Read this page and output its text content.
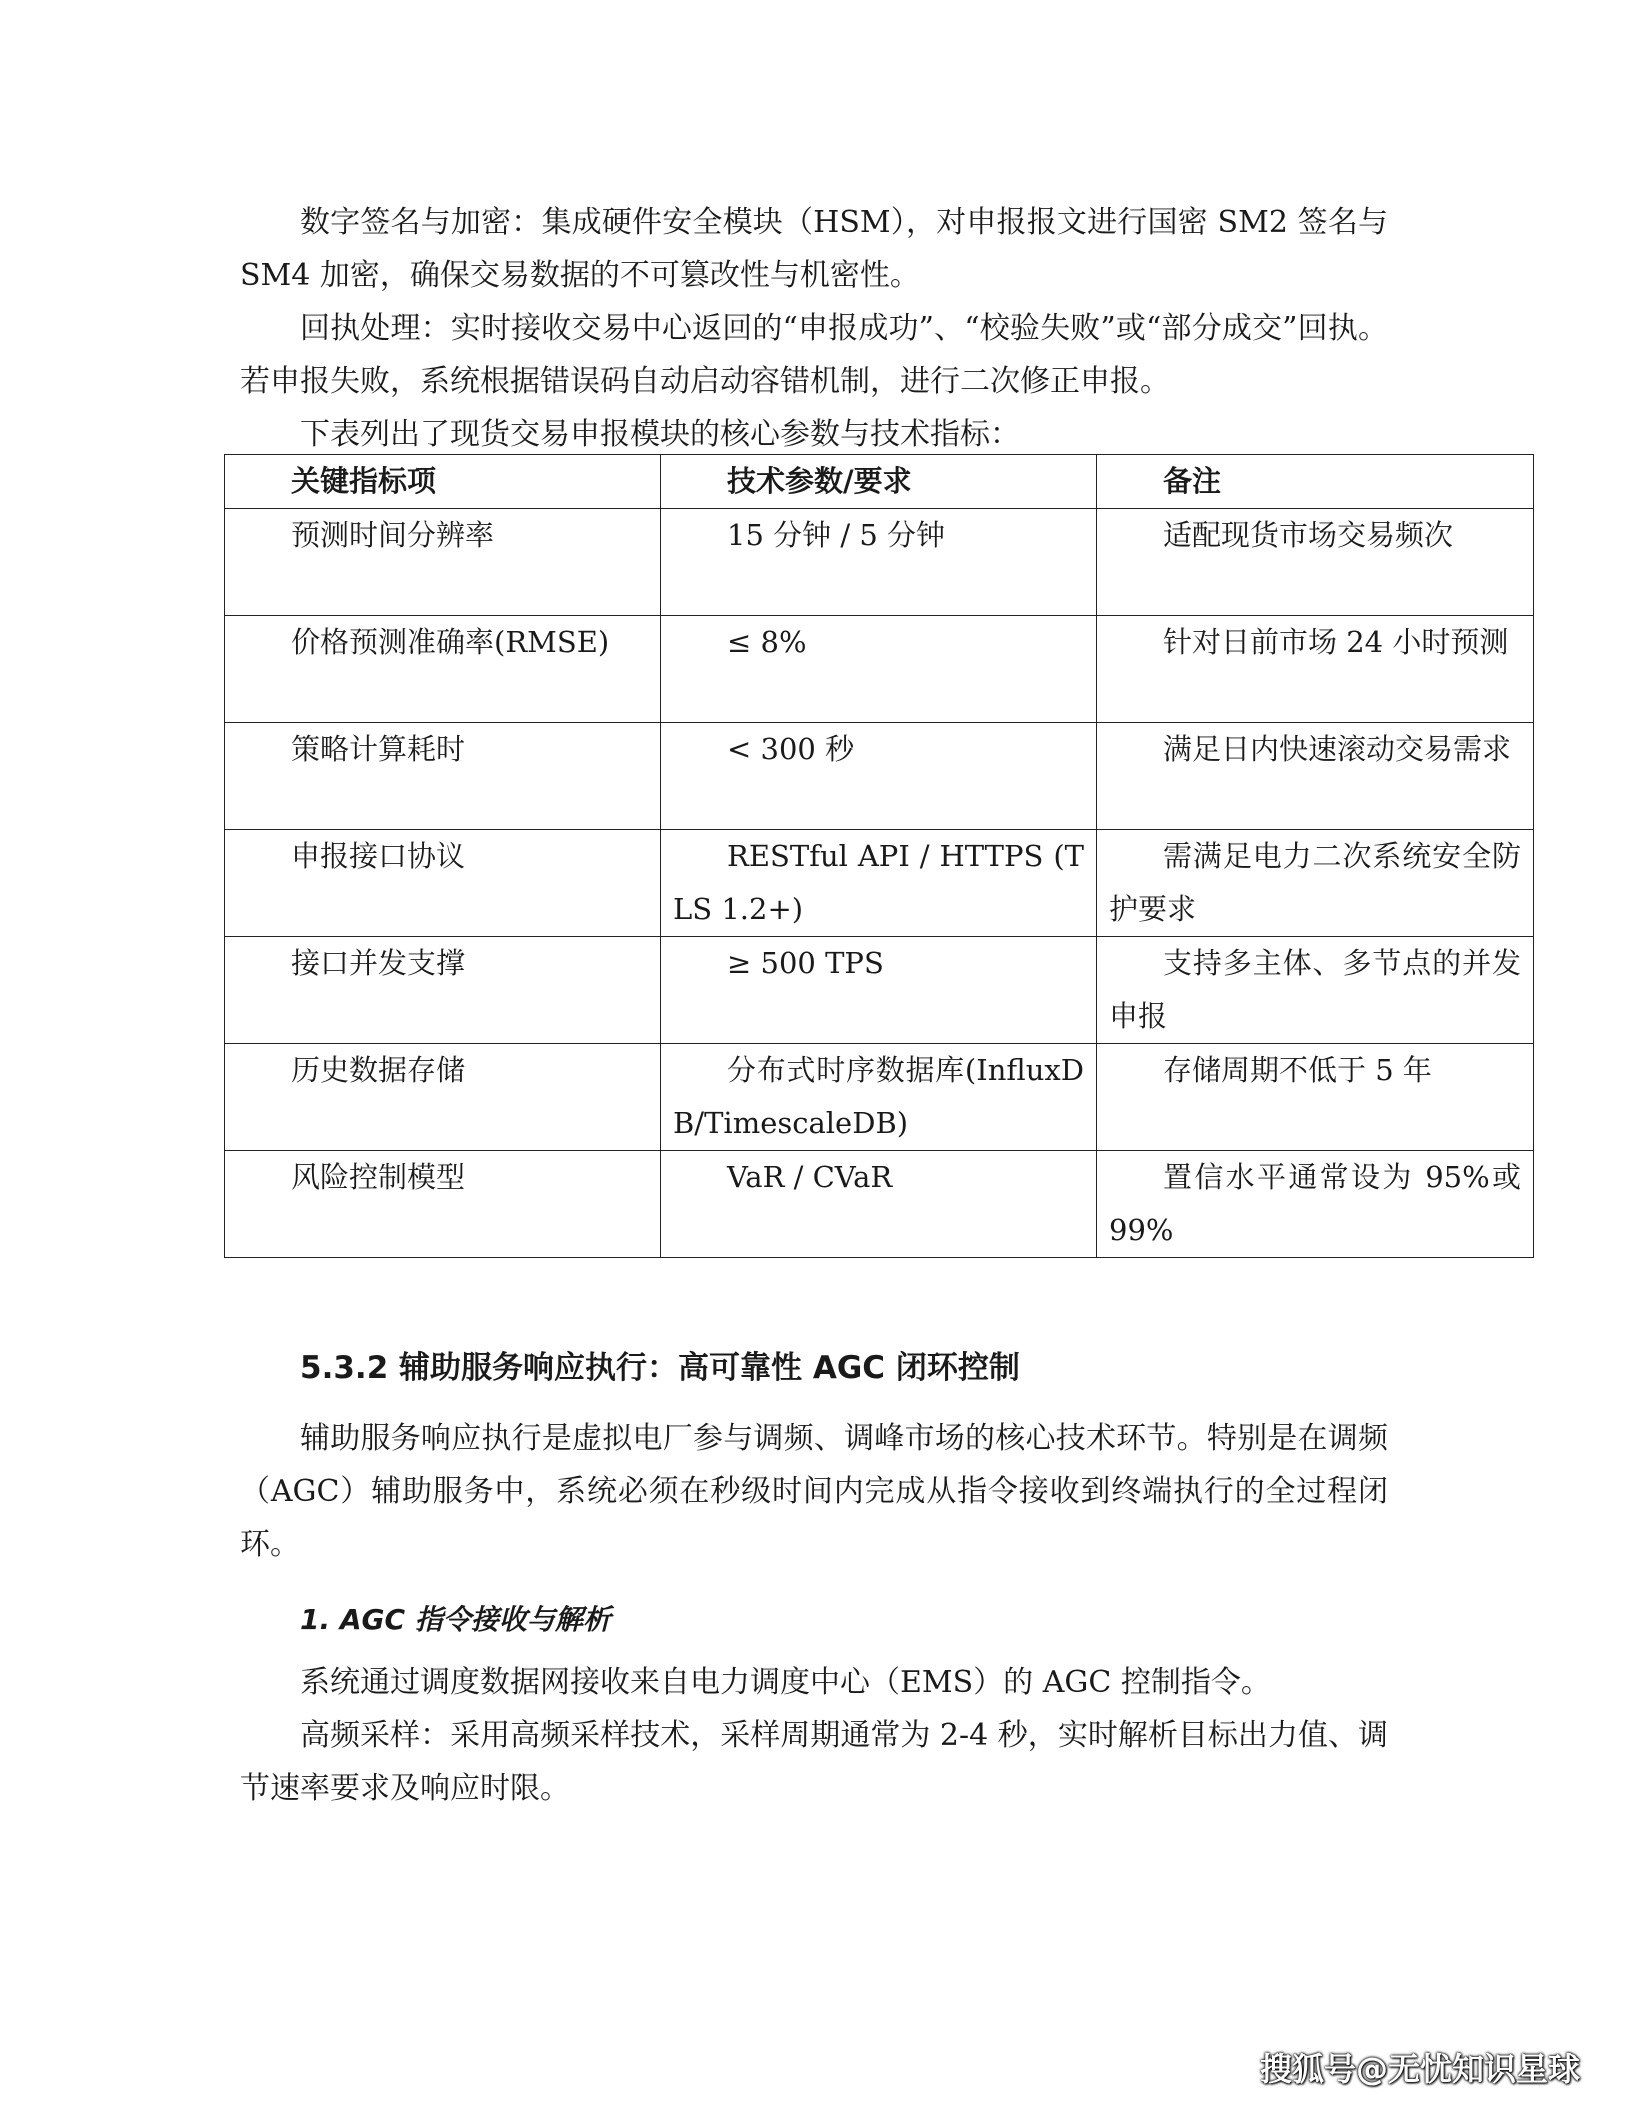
数字签名与加密：集成硬件安全模块（HSM），对申报报文进行国密 SM2 签名与 SM4 加密，确保交易数据的不可篡改性与机密性。

回执处理：实时接收交易中心返回的“申报成功”、“校验失败”或“部分成交”回执。若申报失败，系统根据错误码自动启动容错机制，进行二次修正申报。

下表列出了现货交易申报模块的核心参数与技术指标：

关键指标项	技术参数/要求	备注

预测时间分辨率	15 分钟 / 5 分钟	适配现货市场交易频次

价格预测准确率(RMSE)	≤ 8%	针对日前市场 24 小时预测

策略计算耗时	< 300 秒	满足日内快速滚动交易需求

申报接口协议	RESTful API / HTTPS (TLS 1.2+)	需满足电力二次系统安全防护要求

接口并发支撑	≥ 500 TPS	支持多主体、多节点的并发申报

历史数据存储	分布式时序数据库(InfluxDB/TimescaleDB)	存储周期不低于 5 年

风险控制模型	VaR / CVaR	置信水平通常设为 95%或 99%
5.3.2 辅助服务响应执行：高可靠性 AGC 闭环控制

辅助服务响应执行是虚拟电厂参与调频、调峰市场的核心技术环节。特别是在调频（AGC）辅助服务中，系统必须在秒级时间内完成从指令接收到终端执行的全过程闭环。

1. AGC 指令接收与解析

系统通过调度数据网接收来自电力调度中心（EMS）的 AGC 控制指令。

高频采样：采用高频采样技术，采样周期通常为 2-4 秒，实时解析目标出力值、调节速率要求及响应时限。

搜狐号@无忧知识星球
